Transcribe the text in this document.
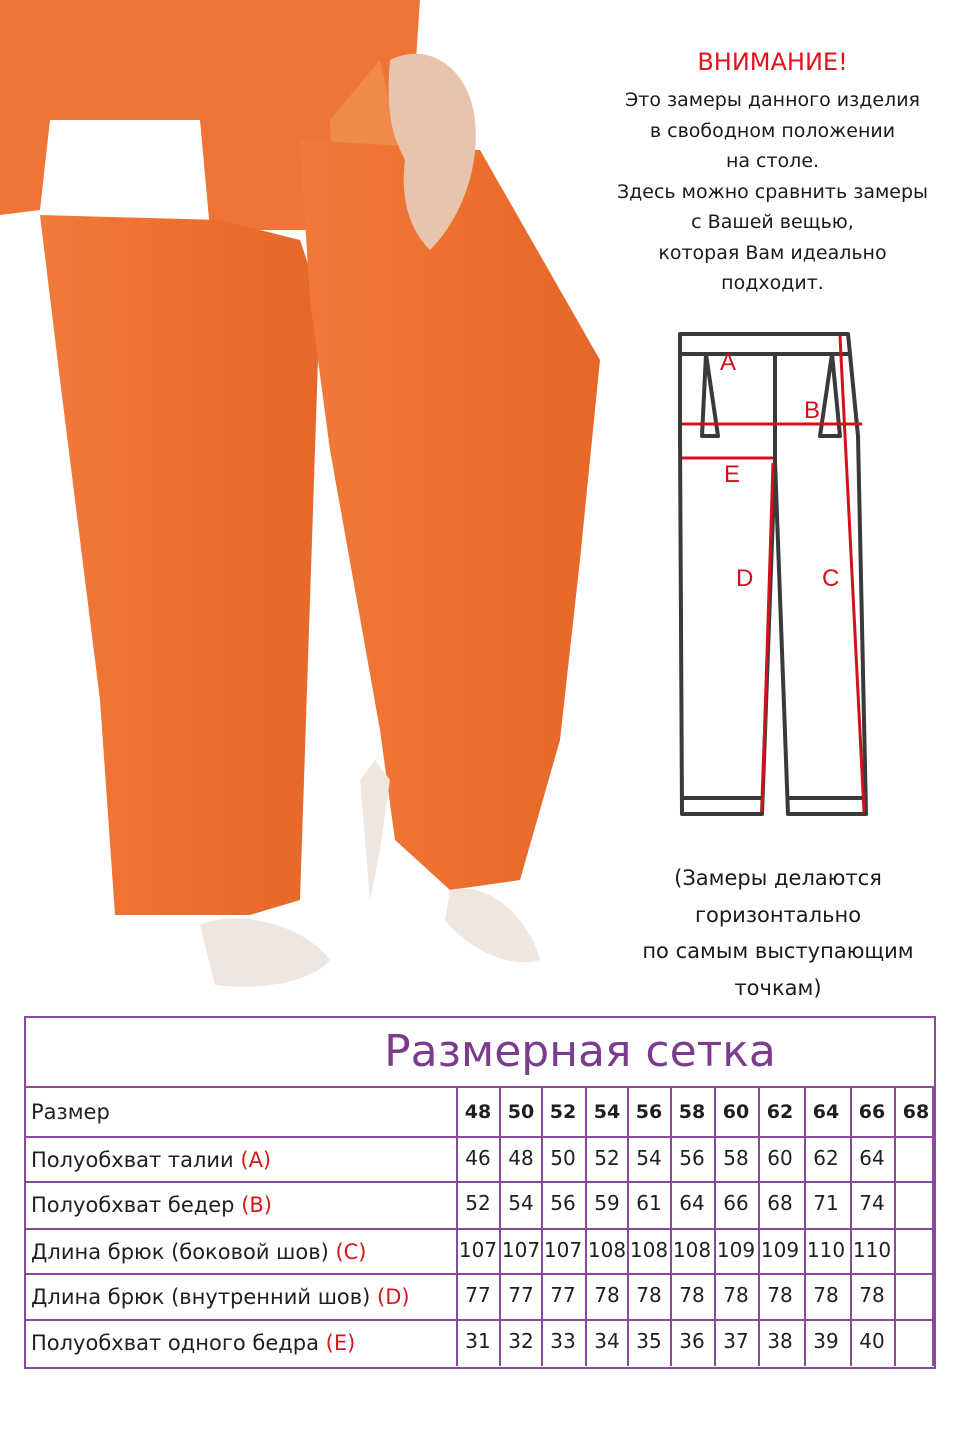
ВНИМАНИЕ!
Это замеры данного изделия
в свободном положении
на столе.
Здесь можно сравнить замеры
с Вашей вещью,
которая Вам идеально
подходит.
A
B
E
D	C
(Замеры делаются
горизонтально
по самым выступающим
точкам)
Размерная сетка
Размер	48 50 52 54 56 58 60 62	64	66 68
Полуобхват талии (A)	46 48 50 52 54 56 58 60	62	64
Полуобхват бедер (B)	52 54 56 59 61 64 66 68	71	74
Длина брюк (боковой шов) (C)	107 107 107 108 108 108 109 109 110 110
Длина брюк (внутренний шов) (D)	77 77 77 78 78 78 78 78	78	78
Полуобхват одного бедра (E)	31 32 33 34 35 36 37 38	39	40
